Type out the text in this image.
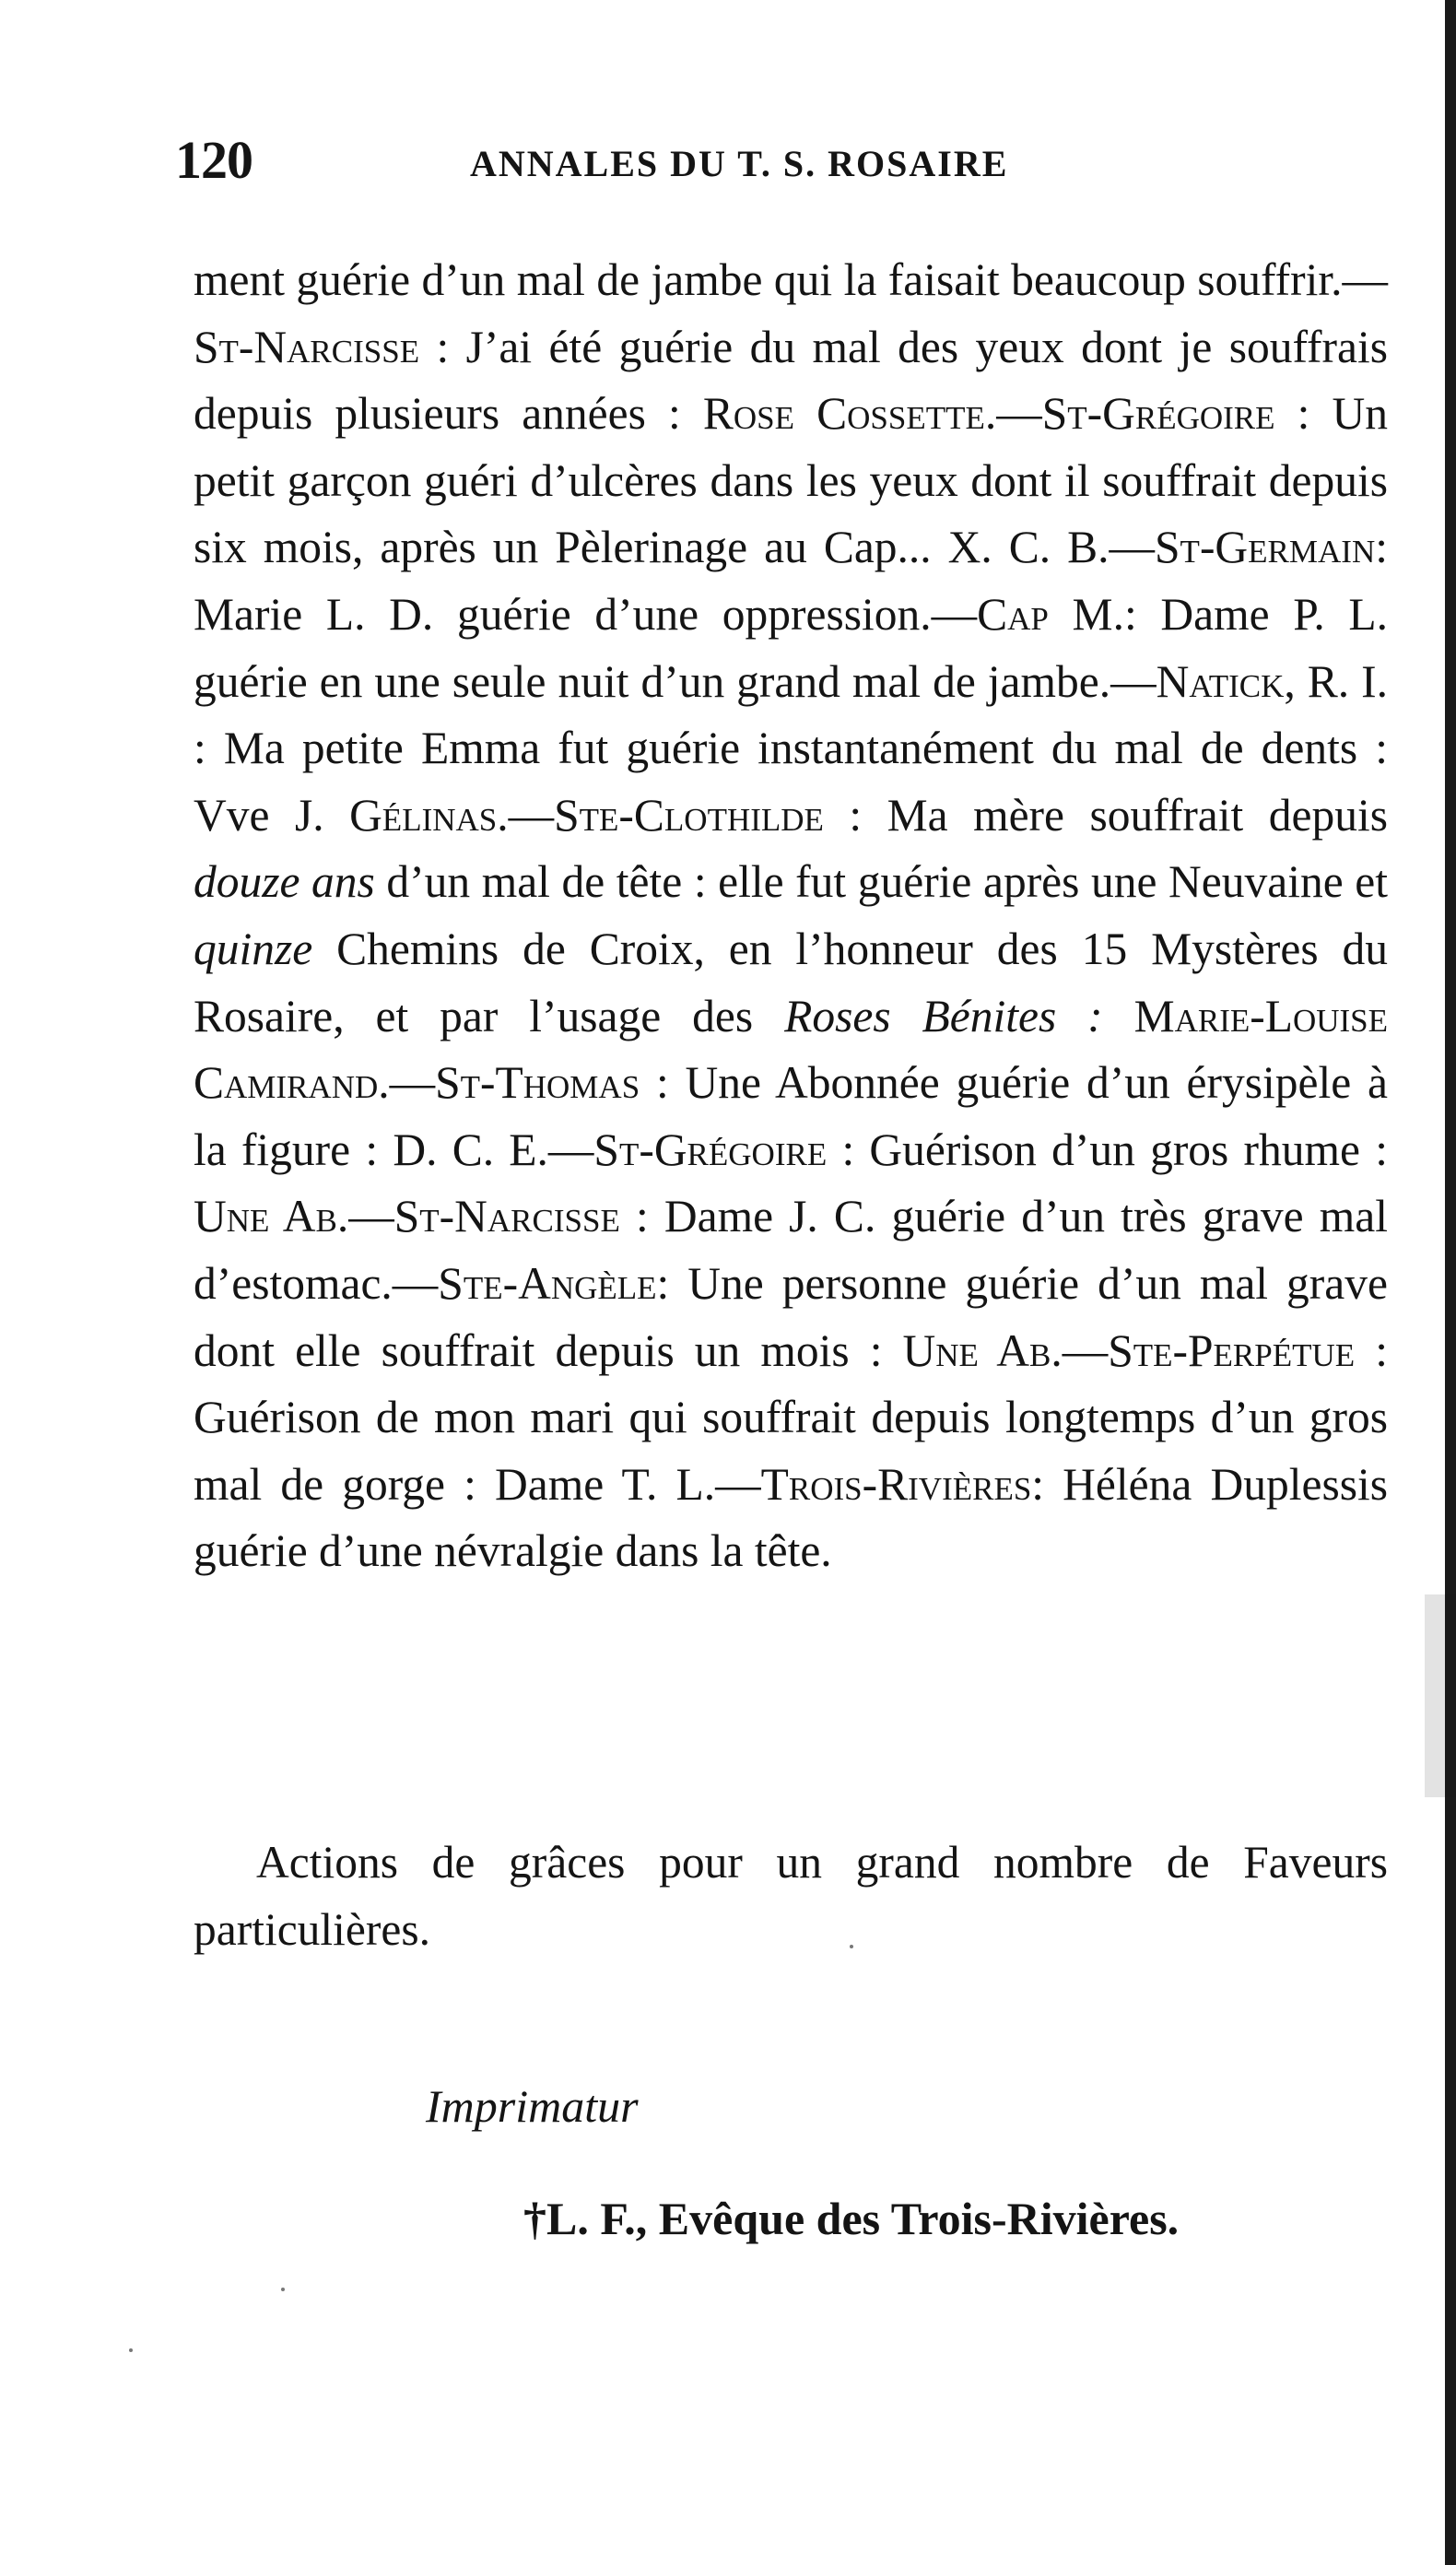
120	ANNALES DU T. S. ROSAIRE

ment guérie d’un mal de jambe qui la faisait beaucoup souffrir.—St-Narcisse : J’ai été guérie du mal des yeux dont je souffrais depuis plusieurs années : Rose Cossette.—St-Grégoire : Un petit garçon guéri d’ulcères dans les yeux dont il souffrait depuis six mois, après un Pèlerinage au Cap... X. C. B.—St-Germain: Marie L. D. guérie d’une oppression.—Cap M.: Dame P. L. guérie en une seule nuit d’un grand mal de jambe.—Natick, R. I. : Ma petite Emma fut guérie instantanément du mal de dents : Vve J. Gélinas.—Ste-Clothilde : Ma mère souffrait depuis douze ans d’un mal de tête : elle fut guérie après une Neuvaine et quinze Chemins de Croix, en l’honneur des 15 Mystères du Rosaire, et par l’usage des Roses Bénites : Marie-Louise Camirand.—St-Thomas : Une Abonnée guérie d’un érysipèle à la figure : D. C. E.—St-Grégoire : Guérison d’un gros rhume : Une Ab.—St-Narcisse : Dame J. C. guérie d’un très grave mal d’estomac.—Ste-Angèle: Une personne guérie d’un mal grave dont elle souffrait depuis un mois : Une Ab.—Ste-Perpétue : Guérison de mon mari qui souffrait depuis longtemps d’un gros mal de gorge : Dame T. L.—Trois-Rivières: Héléna Duplessis guérie d’une névralgie dans la tête.

Actions de grâces pour un grand nombre de Faveurs particulières.

Imprimatur
†L. F., Evêque des Trois-Rivières.
